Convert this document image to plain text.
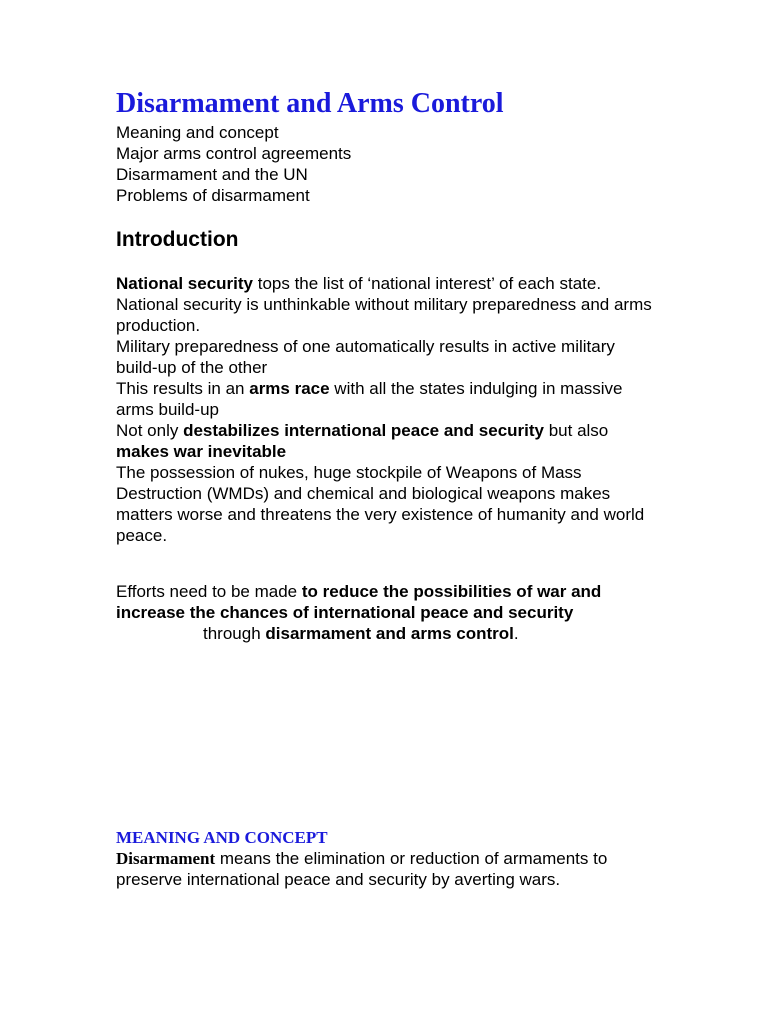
Disarmament and Arms Control
Meaning and concept
Major arms control agreements
Disarmament and the UN
Problems of disarmament
Introduction

National security tops the list of ‘national interest’ of each state.

National security is unthinkable without military preparedness and arms production.

Military preparedness of one automatically results in active military build-up of the other

This results in an arms race with all the states indulging in massive arms build-up

Not only destabilizes international peace and security but also makes war inevitable

The possession of nukes, huge stockpile of Weapons of Mass Destruction (WMDs) and chemical and biological weapons makes matters worse and threatens the very existence of humanity and world peace.

Efforts need to be made to reduce the possibilities of war and increase the chances of international peace and security

through disarmament and arms control.

MEANING AND CONCEPT

Disarmament means the elimination or reduction of armaments to preserve international peace and security by averting wars.
